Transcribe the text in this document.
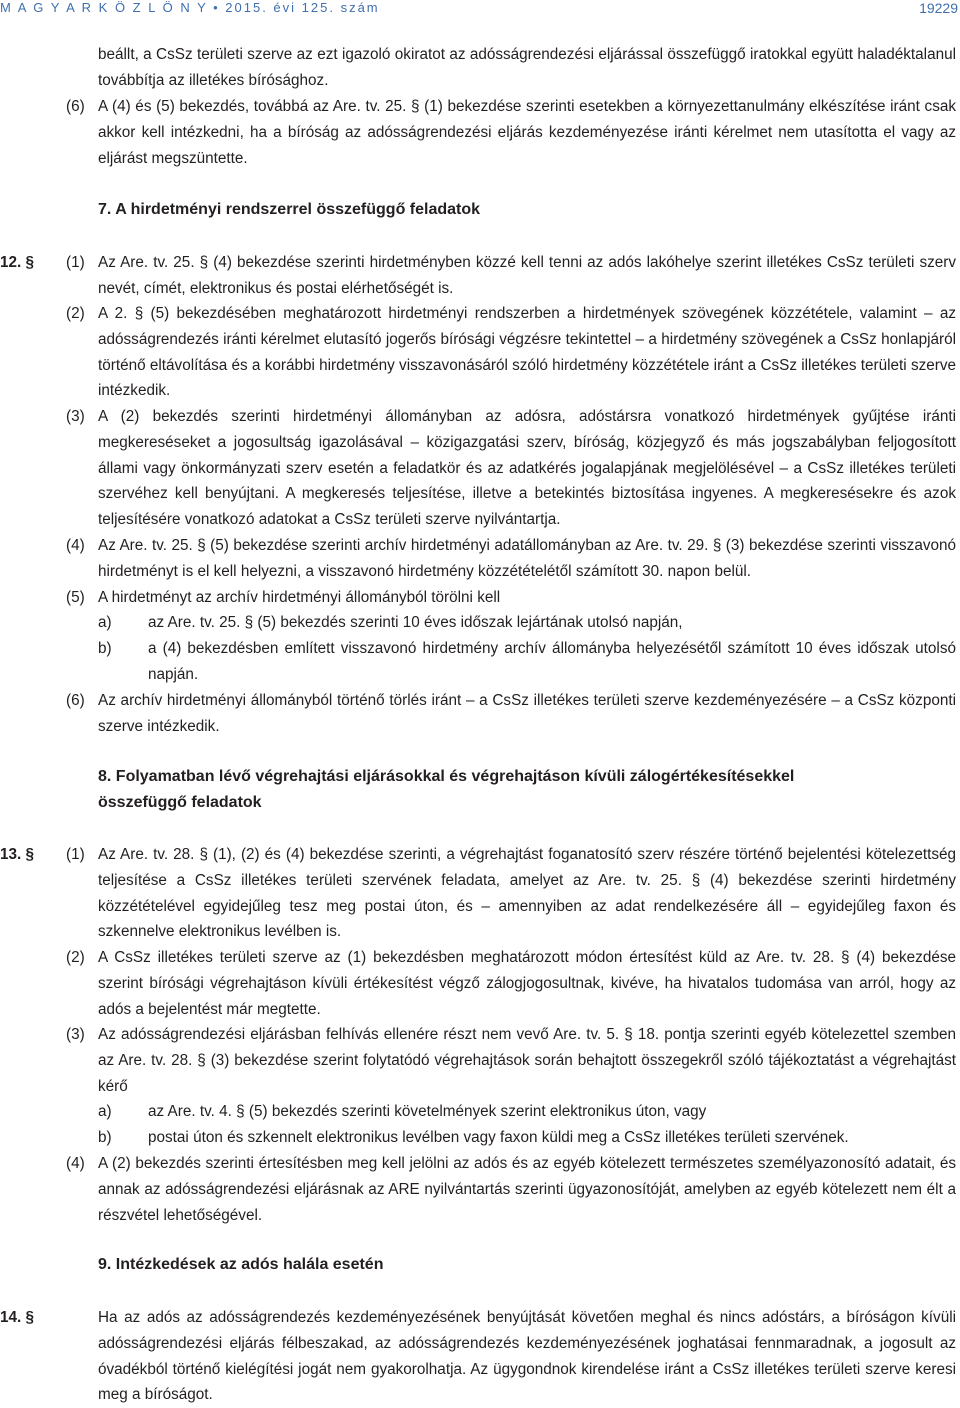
M A G Y A R K Ö Z L Ö N Y • 2015. évi 125. szám	19229
beállt, a CsSz területi szerve az ezt igazoló okiratot az adósságrendezési eljárással összefüggő iratokkal együtt haladéktalanul továbbítja az illetékes bírósághoz.
(6) A (4) és (5) bekezdés, továbbá az Are. tv. 25. § (1) bekezdése szerinti esetekben a környezettanulmány elkészítése iránt csak akkor kell intézkedni, ha a bíróság az adósságrendezési eljárás kezdeményezése iránti kérelmet nem utasította el vagy az eljárást megszüntette.
7. A hirdetményi rendszerrel összefüggő feladatok
12. § (1) Az Are. tv. 25. § (4) bekezdése szerinti hirdetményben közzé kell tenni az adós lakóhelye szerint illetékes CsSz területi szerv nevét, címét, elektronikus és postai elérhetőségét is.
(2) A 2. § (5) bekezdésében meghatározott hirdetményi rendszerben a hirdetmények szövegének közzététele, valamint – az adósságrendezés iránti kérelmet elutasító jogerős bírósági végzésre tekintettel – a hirdetmény szövegének a CsSz honlapjáról történő eltávolítása és a korábbi hirdetmény visszavonásáról szóló hirdetmény közzététele iránt a CsSz illetékes területi szerve intézkedik.
(3) A (2) bekezdés szerinti hirdetményi állományban az adósra, adóstársra vonatkozó hirdetmények gyűjtése iránti megkereséseket a jogosultság igazolásával – közigazgatási szerv, bíróság, közjegyző és más jogszabályban feljogosított állami vagy önkormányzati szerv esetén a feladatkör és az adatkérés jogalapjának megjelölésével – a CsSz illetékes területi szervéhez kell benyújtani. A megkeresés teljesítése, illetve a betekintés biztosítása ingyenes. A megkeresésekre és azok teljesítésére vonatkozó adatokat a CsSz területi szerve nyilvántartja.
(4) Az Are. tv. 25. § (5) bekezdése szerinti archív hirdetményi adatállományban az Are. tv. 29. § (3) bekezdése szerinti visszavonó hirdetményt is el kell helyezni, a visszavonó hirdetmény közzétételétől számított 30. napon belül.
(5) A hirdetményt az archív hirdetményi állományból törölni kell
a) az Are. tv. 25. § (5) bekezdés szerinti 10 éves időszak lejártának utolsó napján,
b) a (4) bekezdésben említett visszavonó hirdetmény archív állományba helyezésétől számított 10 éves időszak utolsó napján.
(6) Az archív hirdetményi állományból történő törlés iránt – a CsSz illetékes területi szerve kezdeményezésére – a CsSz központi szerve intézkedik.
8. Folyamatban lévő végrehajtási eljárásokkal és végrehajtáson kívüli zálogértékesítésekkel
összefüggő feladatok
13. § (1) Az Are. tv. 28. § (1), (2) és (4) bekezdése szerinti, a végrehajtást foganatosító szerv részére történő bejelentési kötelezettség teljesítése a CsSz illetékes területi szervének feladata, amelyet az Are. tv. 25. § (4) bekezdése szerinti hirdetmény közzétételével egyidejűleg tesz meg postai úton, és – amennyiben az adat rendelkezésére áll – egyidejűleg faxon és szkennelve elektronikus levélben is.
(2) A CsSz illetékes területi szerve az (1) bekezdésben meghatározott módon értesítést küld az Are. tv. 28. § (4) bekezdése szerint bírósági végrehajtáson kívüli értékesítést végző zálogjogosultnak, kivéve, ha hivatalos tudomása van arról, hogy az adós a bejelentést már megtette.
(3) Az adósságrendezési eljárásban felhívás ellenére részt nem vevő Are. tv. 5. § 18. pontja szerinti egyéb kötelezettel szemben az Are. tv. 28. § (3) bekezdése szerint folytatódó végrehajtások során behajtott összegekről szóló tájékoztatást a végrehajtást kérő
a) az Are. tv. 4. § (5) bekezdés szerinti követelmények szerint elektronikus úton, vagy
b) postai úton és szkennelt elektronikus levélben vagy faxon küldi meg a CsSz illetékes területi szervének.
(4) A (2) bekezdés szerinti értesítésben meg kell jelölni az adós és az egyéb kötelezett természetes személyazonosító adatait, és annak az adósságrendezési eljárásnak az ARE nyilvántartás szerinti ügyazonosítóját, amelyben az egyéb kötelezett nem élt a részvétel lehetőségével.
9. Intézkedések az adós halála esetén
14. §	Ha az adós az adósságrendezés kezdeményezésének benyújtását követően meghal és nincs adóstárs, a bíróságon kívüli adósságrendezési eljárás félbeszakad, az adósságrendezés kezdeményezésének joghatásai fennmaradnak, a jogosult az óvadékból történő kielégítési jogát nem gyakorolhatja. Az ügygondnok kirendelése iránt a CsSz illetékes területi szerve keresi meg a bíróságot.
